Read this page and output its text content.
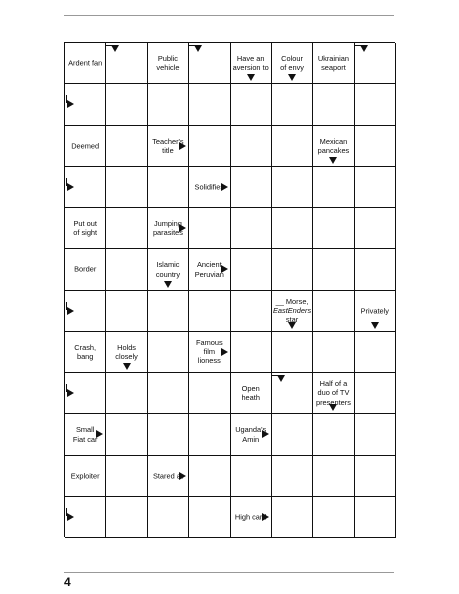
Ardent fan
Public
vehicle
Have an
aversion to
Colour
of envy
Ukrainian
seaport
Deemed
Teacher's
title
Mexican
pancakes
Solidifies
Put out
of sight
Jumping
parasites
Border
Islamic
country
Ancient
Peruvian
__ Morse,
EastEnders
star
Privately
Crash,
bang
Holds
closely
Famous film
lioness
Open heath
Half of a
duo of TV
presenters
Small
Fiat car
Uganda's
Amin
Exploiter	Stared at
High card
4
